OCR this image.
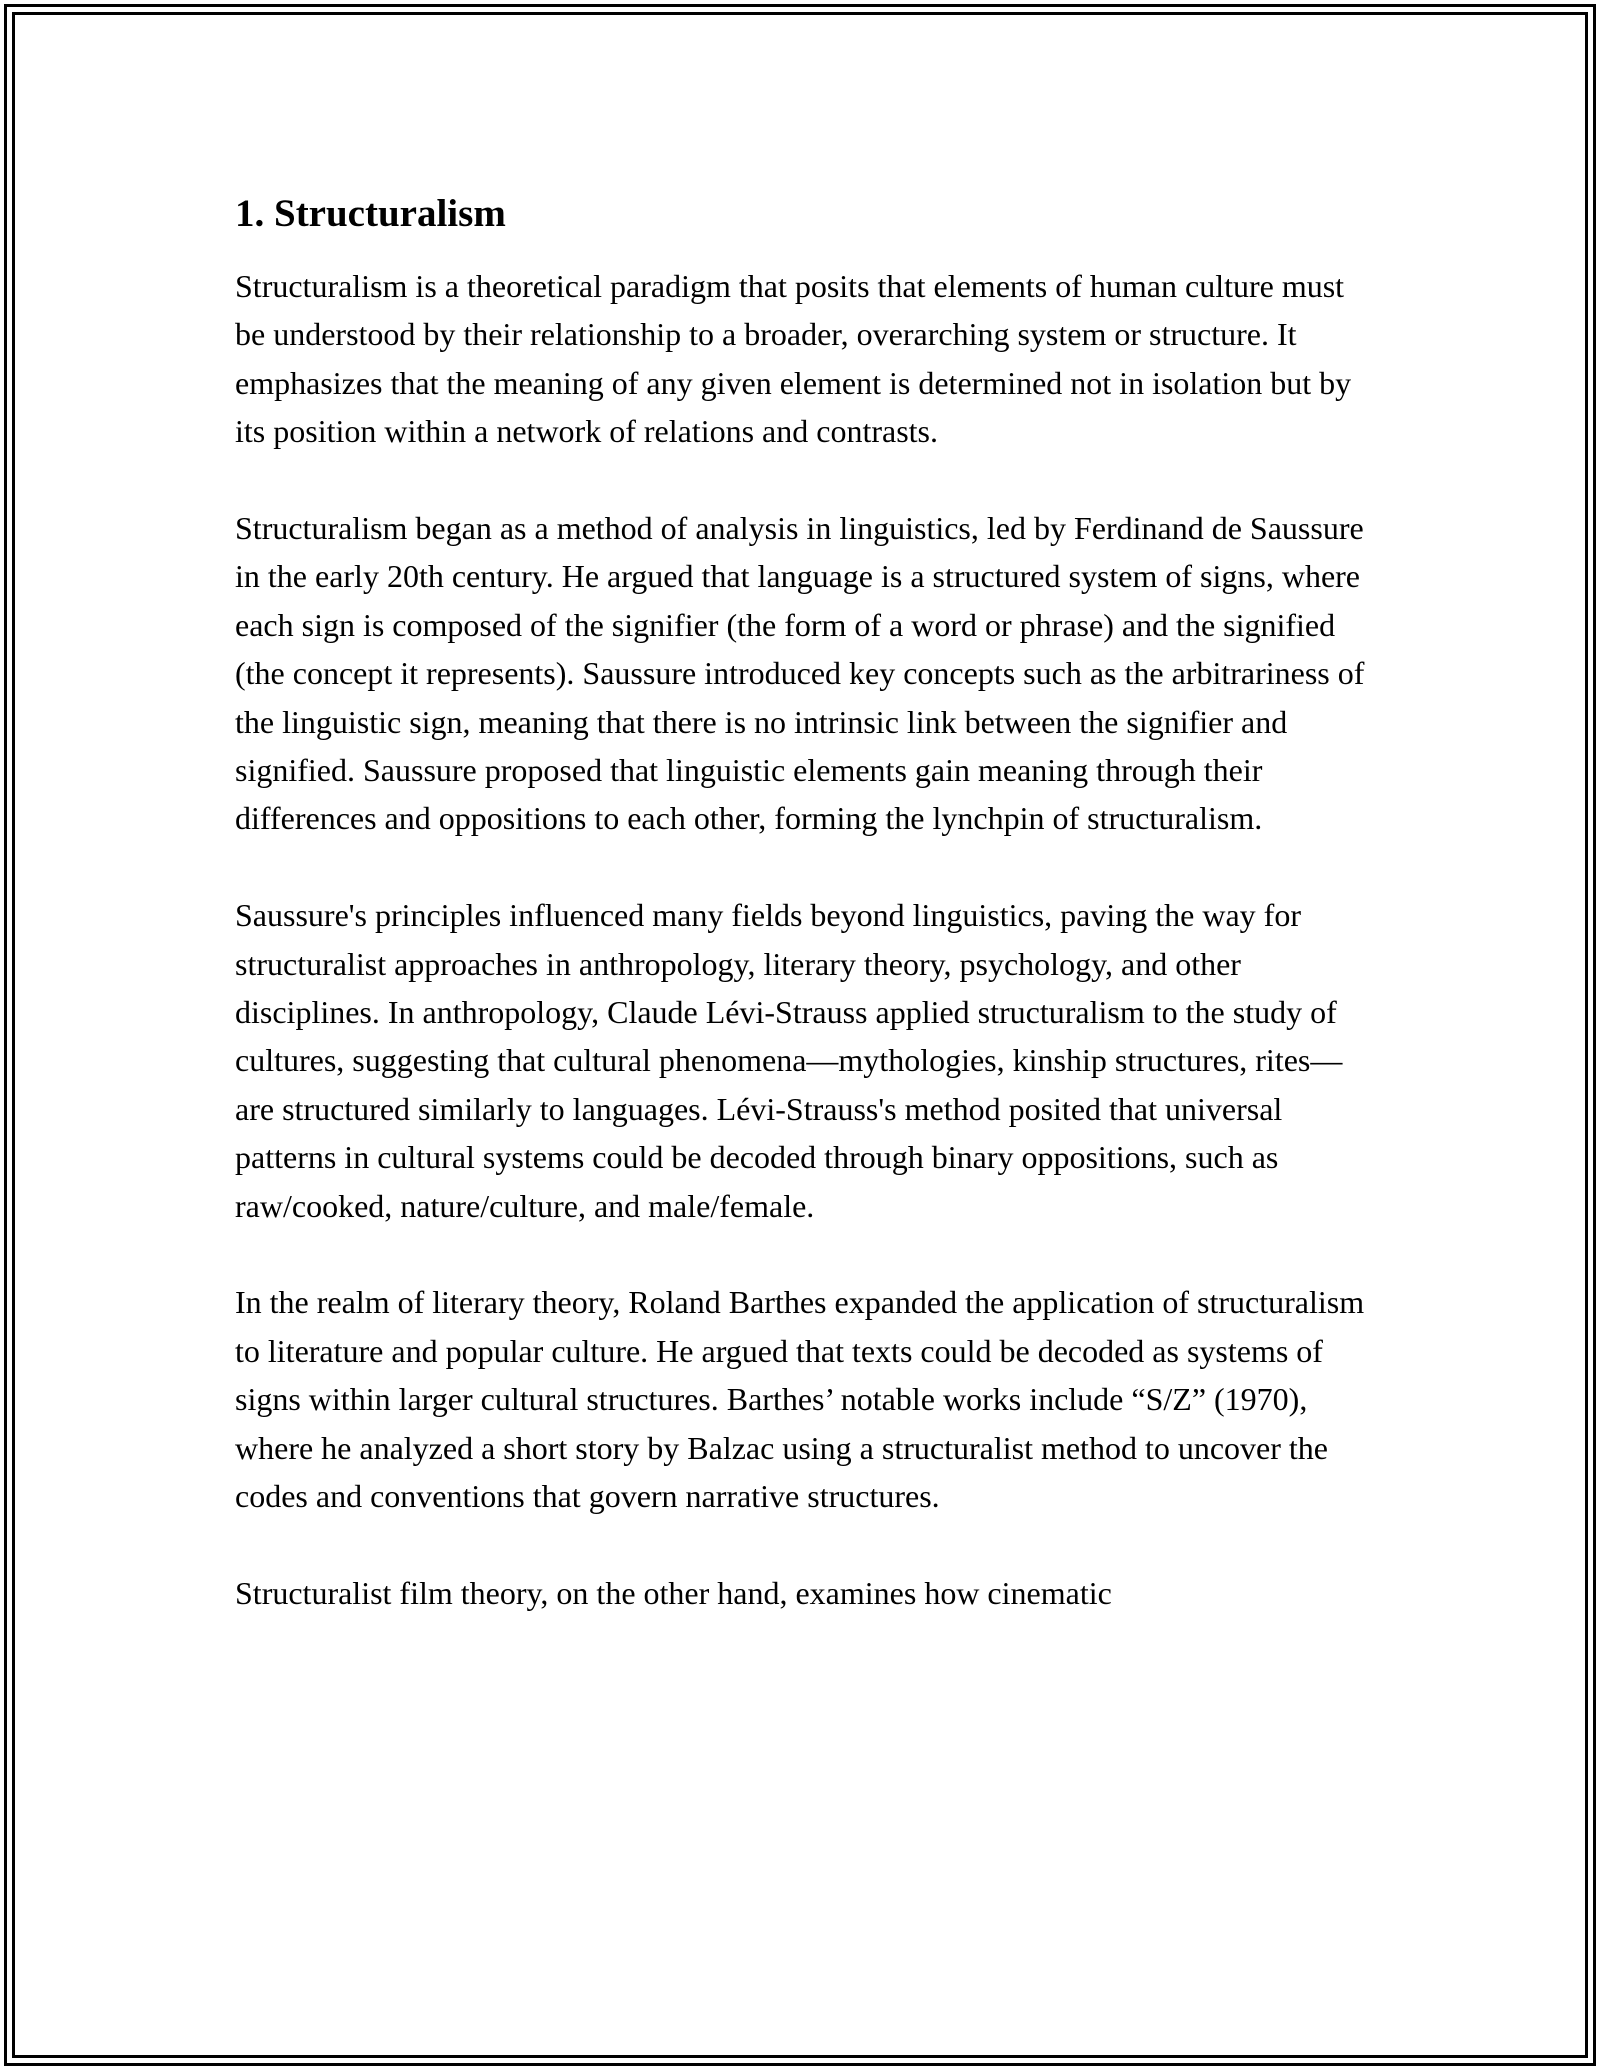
1. Structuralism

Structuralism is a theoretical paradigm that posits that elements of human culture must be understood by their relationship to a broader, overarching system or structure. It emphasizes that the meaning of any given element is determined not in isolation but by its position within a network of relations and contrasts.

Structuralism began as a method of analysis in linguistics, led by Ferdinand de Saussure in the early 20th century. He argued that language is a structured system of signs, where each sign is composed of the signifier (the form of a word or phrase) and the signified (the concept it represents). Saussure introduced key concepts such as the arbitrariness of the linguistic sign, meaning that there is no intrinsic link between the signifier and signified. Saussure proposed that linguistic elements gain meaning through their differences and oppositions to each other, forming the lynchpin of structuralism.

Saussure's principles influenced many fields beyond linguistics, paving the way for structuralist approaches in anthropology, literary theory, psychology, and other disciplines. In anthropology, Claude Lévi-Strauss applied structuralism to the study of cultures, suggesting that cultural phenomena—mythologies, kinship structures, rites—are structured similarly to languages. Lévi-Strauss's method posited that universal patterns in cultural systems could be decoded through binary oppositions, such as raw/cooked, nature/culture, and male/female.

In the realm of literary theory, Roland Barthes expanded the application of structuralism to literature and popular culture. He argued that texts could be decoded as systems of signs within larger cultural structures. Barthes’ notable works include “S/Z” (1970), where he analyzed a short story by Balzac using a structuralist method to uncover the codes and conventions that govern narrative structures.

Structuralist film theory, on the other hand, examines how cinematic
